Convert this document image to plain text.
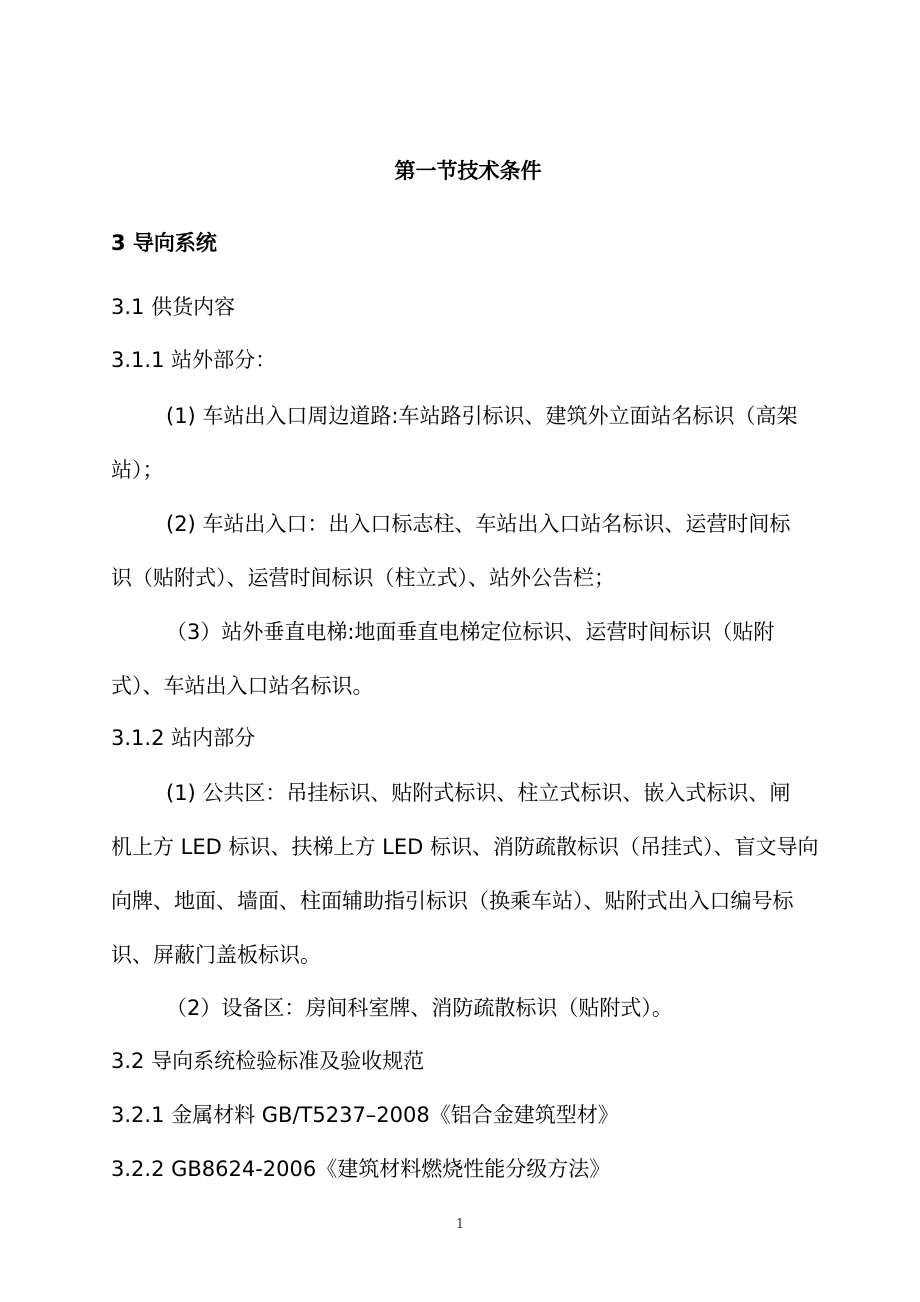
第一节技术条件
3 导向系统
3.1 供货内容
3.1.1 站外部分：
(1) 车站出入口周边道路:车站路引标识、建筑外立面站名标识（高架
站）；
(2) 车站出入口：出入口标志柱、车站出入口站名标识、运营时间标
识（贴附式）、运营时间标识（柱立式）、站外公告栏；
（3）站外垂直电梯:地面垂直电梯定位标识、运营时间标识（贴附
式）、车站出入口站名标识。
3.1.2 站内部分
(1) 公共区：吊挂标识、贴附式标识、柱立式标识、嵌入式标识、闸
机上方 LED 标识、扶梯上方 LED 标识、消防疏散标识（吊挂式）、盲文导向
向牌、地面、墙面、柱面辅助指引标识（换乘车站）、贴附式出入口编号标
识、屏蔽门盖板标识。
（2）设备区：房间科室牌、消防疏散标识（贴附式）。
3.2 导向系统检验标准及验收规范
3.2.1 金属材料 GB/T5237–2008《铝合金建筑型材》
3.2.2 GB8624-2006《建筑材料燃烧性能分级方法》
1
